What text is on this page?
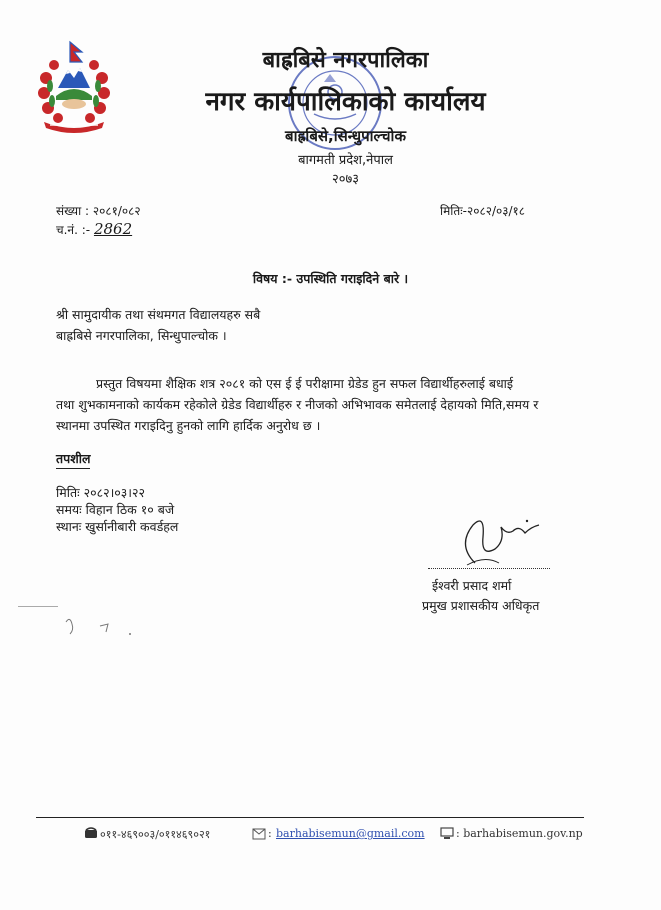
बाह्रबिसे नगरपालिका
नगर कार्यपालिकाको कार्यालय
बाह्रबिसे,सिन्धुपाल्चोक
बागमती प्रदेश,नेपाल
२०७३
संख्या : २०८१/०८२
च.नं. :- 2862
मितिः-२०८२/०३/१८
विषय :- उपस्थिति गराइदिने बारे ।
श्री सामुदायीक तथा संथमगत विद्यालयहरु सबै
बाह्रबिसे नगरपालिका, सिन्धुपाल्चोक ।
प्रस्तुत विषयमा शैक्षिक शत्र २०८१ को एस ई ई परीक्षामा ग्रेडेड हुन सफल विद्यार्थीहरुलाई बधाई
तथा शुभकामनाको कार्यकम रहेकोले ग्रेडेड विद्यार्थीहरु र नीजको अभिभावक समेतलाई देहायको मिति,समय र
स्थानमा उपस्थित गराइदिनु हुनको लागि हार्दिक अनुरोध छ ।
तपशील
मितिः २०८२।०३।२२
समयः विहान ठिक १० बजे
स्थानः खुर्सानीबारी कवर्डहल
ईश्वरी प्रसाद शर्मा
प्रमुख प्रशासकीय अधिकृत
०११-४६९००३/०११४६९०२१	: barhabisemun@gmail.com	: barhabisemun.gov.np
